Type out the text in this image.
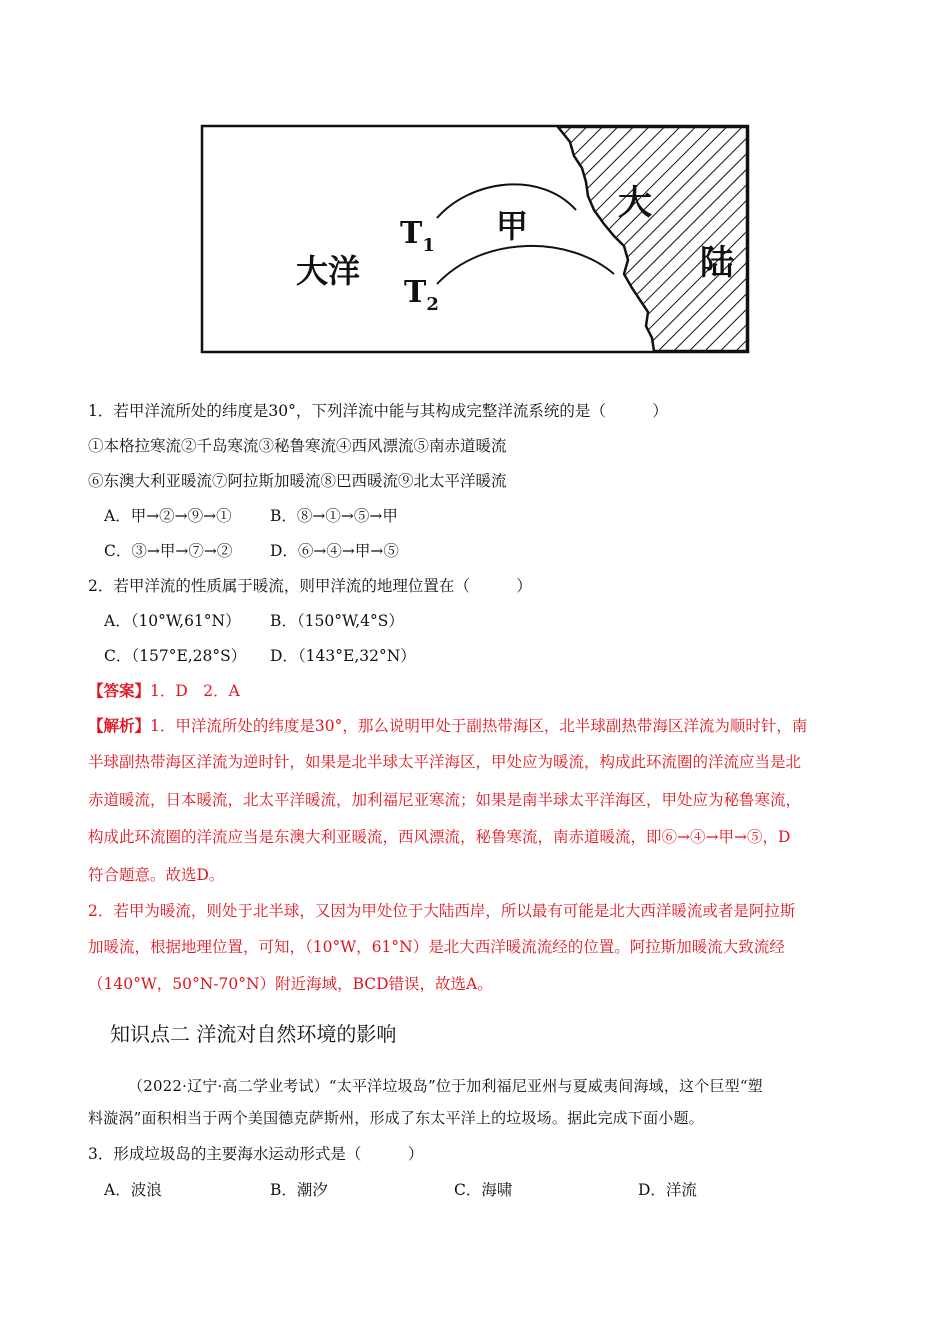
大洋
甲
$T_1$
$T_2$
大
陆
1．若甲洋流所处的纬度是30°，下列洋流中能与其构成完整洋流系统的是（　　　）
①本格拉寒流②千岛寒流③秘鲁寒流④西风漂流⑤南赤道暖流
⑥东澳大利亚暖流⑦阿拉斯加暖流⑧巴西暖流⑨北太平洋暖流
A．甲→②→⑨→① B．⑧→①→⑤→甲
C．③→甲→⑦→② D．⑥→④→甲→⑤
2．若甲洋流的性质属于暖流，则甲洋流的地理位置在（　　　）
A．（10°W,61°N） B．（150°W,4°S）
C．（157°E,28°S） D．（143°E,32°N）
【答案】1．D　2．A
【解析】1．甲洋流所处的纬度是30°，那么说明甲处于副热带海区，北半球副热带海区洋流为顺时针，南
半球副热带海区洋流为逆时针，如果是北半球太平洋海区，甲处应为暖流，构成此环流圈的洋流应当是北
赤道暖流，日本暖流，北太平洋暖流，加利福尼亚寒流；如果是南半球太平洋海区，甲处应为秘鲁寒流，
构成此环流圈的洋流应当是东澳大利亚暖流，西风漂流，秘鲁寒流，南赤道暖流，即⑥→④→甲→⑤，D
符合题意。故选D。
2．若甲为暖流，则处于北半球，又因为甲处位于大陆西岸，所以最有可能是北大西洋暖流或者是阿拉斯
加暖流，根据地理位置，可知，（10°W，61°N）是北大西洋暖流流经的位置。阿拉斯加暖流大致流经
（140°W，50°N-70°N）附近海域，BCD错误，故选A。
知识点二 洋流对自然环境的影响
（2022·辽宁·高二学业考试）“太平洋垃圾岛”位于加利福尼亚州与夏威夷间海域，这个巨型“塑
料漩涡”面积相当于两个美国德克萨斯州，形成了东太平洋上的垃圾场。据此完成下面小题。
3．形成垃圾岛的主要海水运动形式是（　　　）
A．波浪	B．潮汐	C．海啸	D．洋流
